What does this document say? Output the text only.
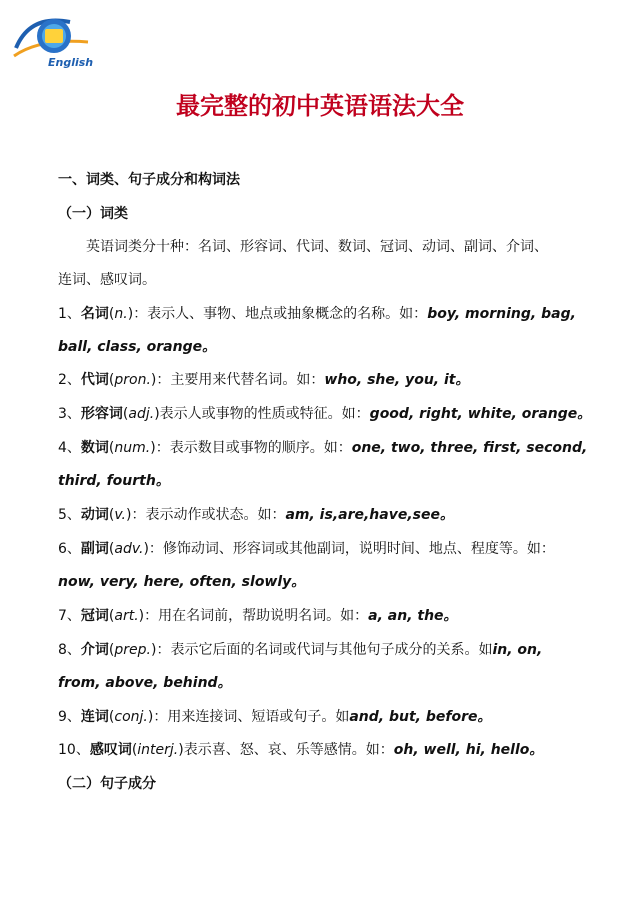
English
最完整的初中英语语法大全
一、词类、句子成分和构词法
（一）词类
英语词类分十种：名词、形容词、代词、数词、冠词、动词、副词、介词、
连词、感叹词。
1、名词(n.)：表示人、事物、地点或抽象概念的名称。如：boy, morning, bag,
ball, class, orange。
2、代词(pron.)：主要用来代替名词。如：who, she, you, it。
3、形容词(adj.)表示人或事物的性质或特征。如：good, right, white, orange。
4、数词(num.)：表示数目或事物的顺序。如：one, two, three, first, second,
third, fourth。
5、动词(v.)：表示动作或状态。如：am, is,are,have,see。
6、副词(adv.)：修饰动词、形容词或其他副词，说明时间、地点、程度等。如：
now, very, here, often, slowly。
7、冠词(art.)：用在名词前，帮助说明名词。如：a, an, the。
8、介词(prep.)：表示它后面的名词或代词与其他句子成分的关系。如in, on,
from, above, behind。
9、连词(conj.)：用来连接词、短语或句子。如and, but, before。
10、感叹词(interj.)表示喜、怒、哀、乐等感情。如：oh, well, hi, hello。
（二）句子成分
